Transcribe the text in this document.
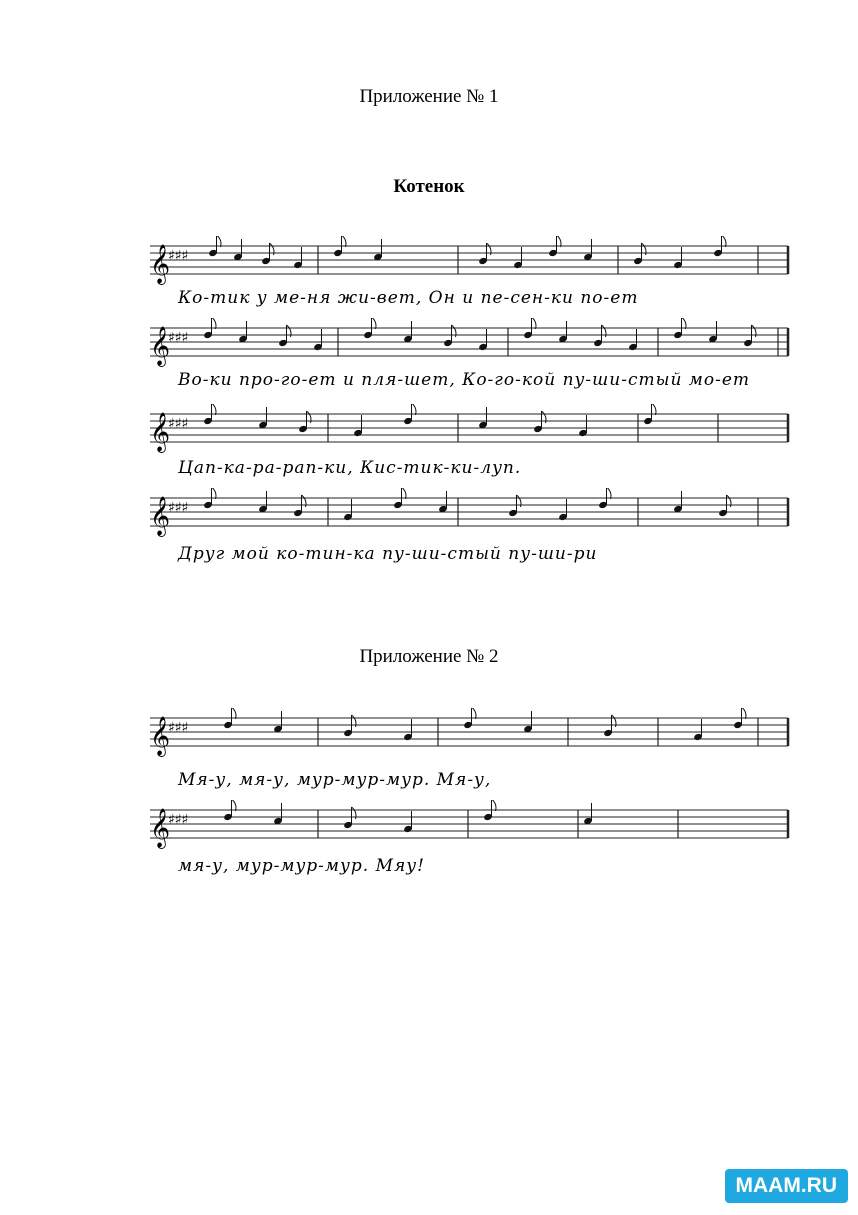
Приложение № 1
Котенок
𝄞
♯♯♯
Ко-тик у ме-ня жи-вет, Он и пе-сен-ки по-ет
𝄞
♯♯♯
Во-ки про-го-ет и пля-шет, Ко-го-кой пу-ши-стый мо-ет
𝄞
♯♯♯
Цап-ка-ра-рап-ки, Кис-тик-ки-луп.
𝄞
♯♯♯
Друг мой ко-тин-ка пу-ши-стый пу-ши-ри
Приложение № 2
𝄞
♯♯♯
Мя-у, мя-у, мур-мур-мур. Мя-у,
𝄞
♯♯♯
мя-у, мур-мур-мур. Мяу!
MAAM.RU
